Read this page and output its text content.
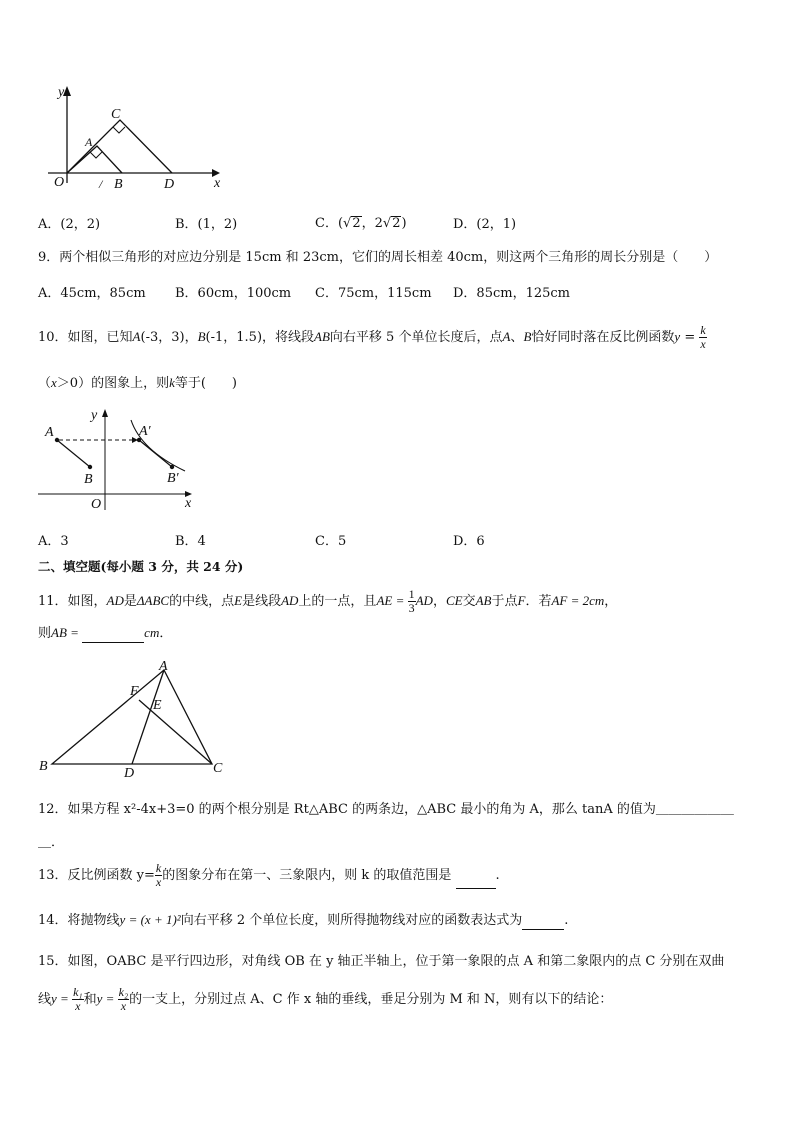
y
x
O
A
B
C
D
/
A．(2，2)	B．(1，2)	C．(√2，2√2)	D．(2，1)
9．两个相似三角形的对应边分别是 15cm 和 23cm，它们的周长相差 40cm，则这两个三角形的周长分别是（　　）
A．45cm，85cm B．60cm，100cm C．75cm，115cm D．85cm，125cm
10．如图，已知A(-3，3)，B(-1，1.5)，将线段AB向右平移 5 个单位长度后，点A、B恰好同时落在反比例函数$y = \frac{k}{x}$
（x＞0）的图象上，则k等于(　　)
A
B
A′
B′
y
x
O
A．3	B．4	C．5	D．6
二、填空题(每小题 3 分，共 24 分)
11．如图，AD是ΔABC的中线，点E是线段AD上的一点，且AE = $\frac{1}{3}$ AD，CE交AB于点F．若AF = 2cm，
则AB =	cm．
A
B	C
D
E
F
12．如果方程 x²-4x+3=0 的两个根分别是 Rt△ABC 的两条边，△ABC 最小的角为 A，那么 tanA 的值为＿＿＿＿＿＿
＿．
13．反比例函数 $y= \frac{k}{x}$ 的图象分布在第一、三象限内，则 k 的取值范围是	.
14．将抛物线y = (x + 1)²向右平移 2 个单位长度，则所得抛物线对应的函数表达式为	.
15．如图，OABC 是平行四边形，对角线 OB 在 y 轴正半轴上，位于第一象限的点 A 和第二象限内的点 C 分别在双曲
线$y = \frac{\text{k₁}}{x}$ 和$y = \frac{\text{k₂}}{x}$ 的一支上，分别过点 A、C 作 x 轴的垂线，垂足分别为 M 和 N，则有以下的结论：
